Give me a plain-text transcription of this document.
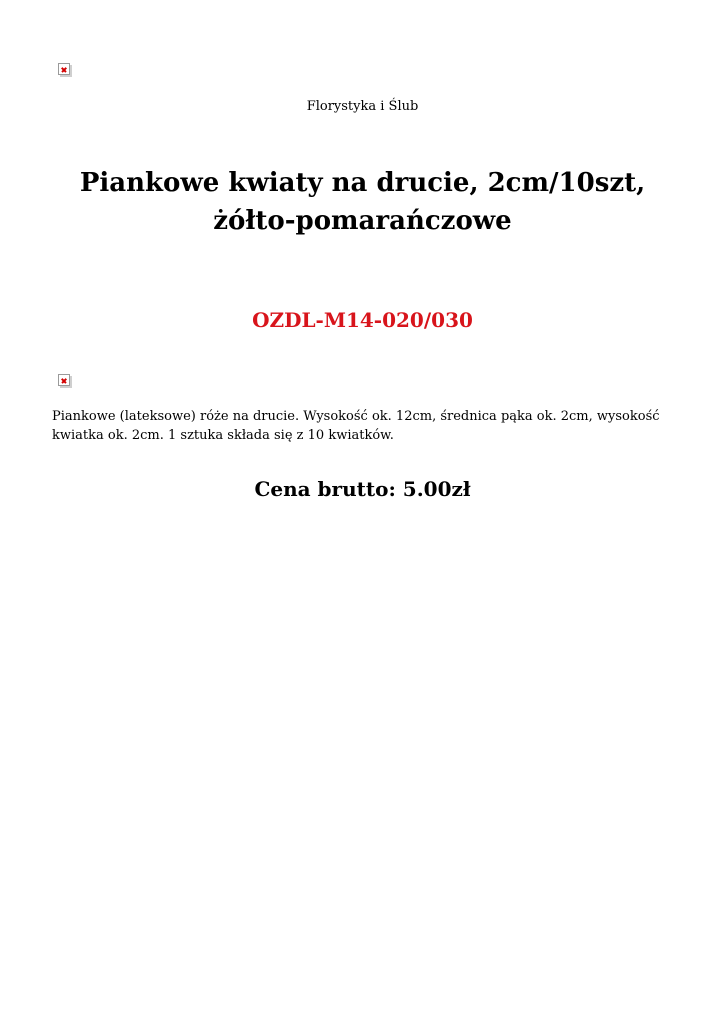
Florystyka i Ślub
Piankowe kwiaty na drucie, 2cm/10szt, żółto-pomarańczowe
OZDL-M14-020/030

Piankowe (lateksowe) róże na drucie. Wysokość ok. 12cm, średnica pąka ok. 2cm, wysokość kwiatka ok. 2cm. 1 sztuka składa się z 10 kwiatków.

Cena brutto: 5.00zł
